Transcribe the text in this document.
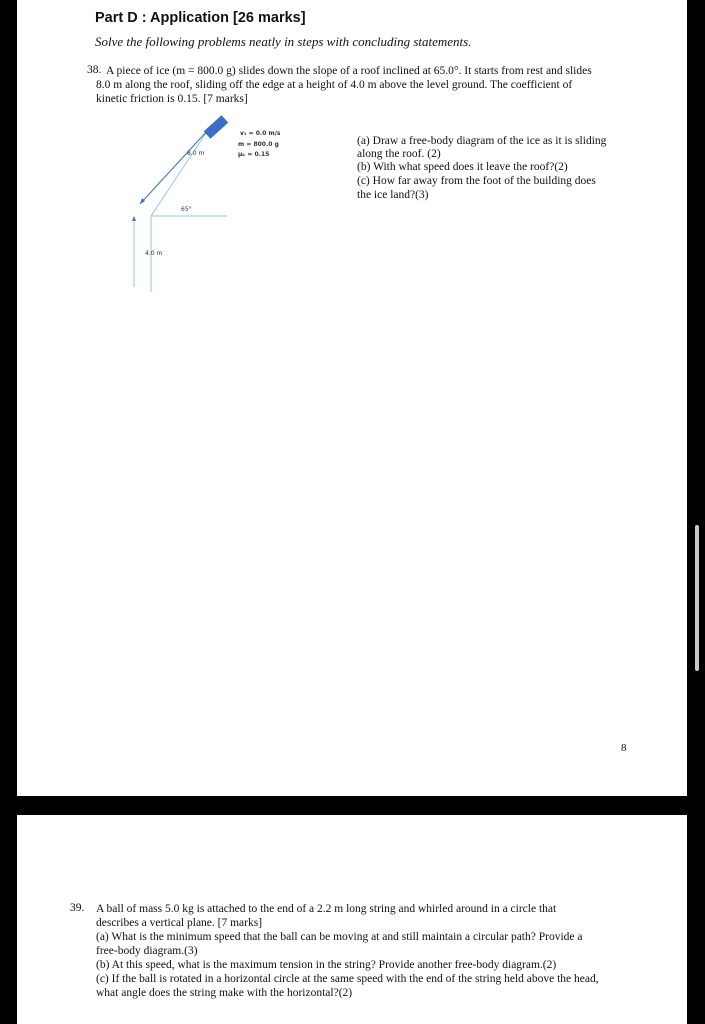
Part D : Application [26 marks]
Solve the following problems neatly in steps with concluding statements.
38. A piece of ice (m = 800.0 g) slides down the slope of a roof inclined at 65.0°. It starts from rest and slides
8.0 m along the roof, sliding off the edge at a height of 4.0 m above the level ground. The coefficient of
kinetic friction is 0.15. [7 marks]
8.0 m
65°
4.0 m
v₁ = 0.0 m/s
m = 800.0 g
μₖ = 0.15
(a) Draw a free-body diagram of the ice as it is sliding
along the roof. (2)
(b) With what speed does it leave the roof?(2)
(c) How far away from the foot of the building does
the ice land?(3)
8
39. A ball of mass 5.0 kg is attached to the end of a 2.2 m long string and whirled around in a circle that
describes a vertical plane. [7 marks]
(a) What is the minimum speed that the ball can be moving at and still maintain a circular path? Provide a
free-body diagram.(3)
(b) At this speed, what is the maximum tension in the string? Provide another free-body diagram.(2)
(c) If the ball is rotated in a horizontal circle at the same speed with the end of the string held above the head,
what angle does the string make with the horizontal?(2)
